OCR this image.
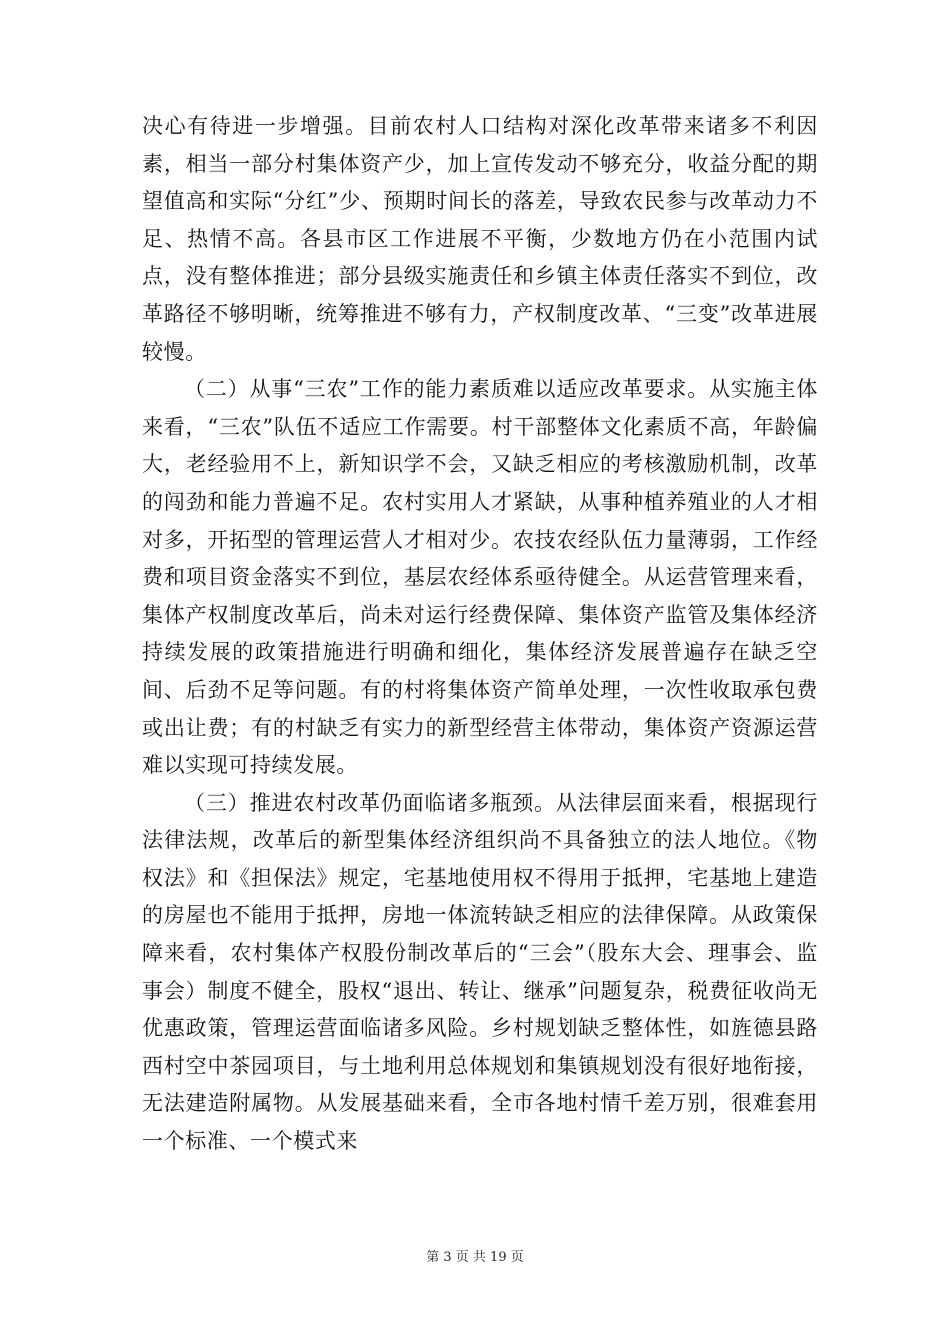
决心有待进一步增强。目前农村人口结构对深化改革带来诸多不利因素，相当一部分村集体资产少，加上宣传发动不够充分，收益分配的期望值高和实际“分红”少、预期时间长的落差，导致农民参与改革动力不足、热情不高。各县市区工作进展不平衡，少数地方仍在小范围内试点，没有整体推进；部分县级实施责任和乡镇主体责任落实不到位，改革路径不够明晰，统筹推进不够有力，产权制度改革、“三变”改革进展较慢。

（二）从事“三农”工作的能力素质难以适应改革要求。从实施主体来看，“三农”队伍不适应工作需要。村干部整体文化素质不高，年龄偏大，老经验用不上，新知识学不会，又缺乏相应的考核激励机制，改革的闯劲和能力普遍不足。农村实用人才紧缺，从事种植养殖业的人才相对多，开拓型的管理运营人才相对少。农技农经队伍力量薄弱，工作经费和项目资金落实不到位，基层农经体系亟待健全。从运营管理来看，集体产权制度改革后，尚未对运行经费保障、集体资产监管及集体经济持续发展的政策措施进行明确和细化，集体经济发展普遍存在缺乏空间、后劲不足等问题。有的村将集体资产简单处理，一次性收取承包费或出让费；有的村缺乏有实力的新型经营主体带动，集体资产资源运营难以实现可持续发展。

（三）推进农村改革仍面临诸多瓶颈。从法律层面来看，根据现行法律法规，改革后的新型集体经济组织尚不具备独立的法人地位。《物权法》和《担保法》规定，宅基地使用权不得用于抵押，宅基地上建造的房屋也不能用于抵押，房地一体流转缺乏相应的法律保障。从政策保障来看，农村集体产权股份制改革后的“三会”（股东大会、理事会、监事会）制度不健全，股权“退出、转让、继承”问题复杂，税费征收尚无优惠政策，管理运营面临诸多风险。乡村规划缺乏整体性，如旌德县路西村空中茶园项目，与土地利用总体规划和集镇规划没有很好地衔接，无法建造附属物。从发展基础来看，全市各地村情千差万别，很难套用一个标准、一个模式来

第 3 页 共 19 页
